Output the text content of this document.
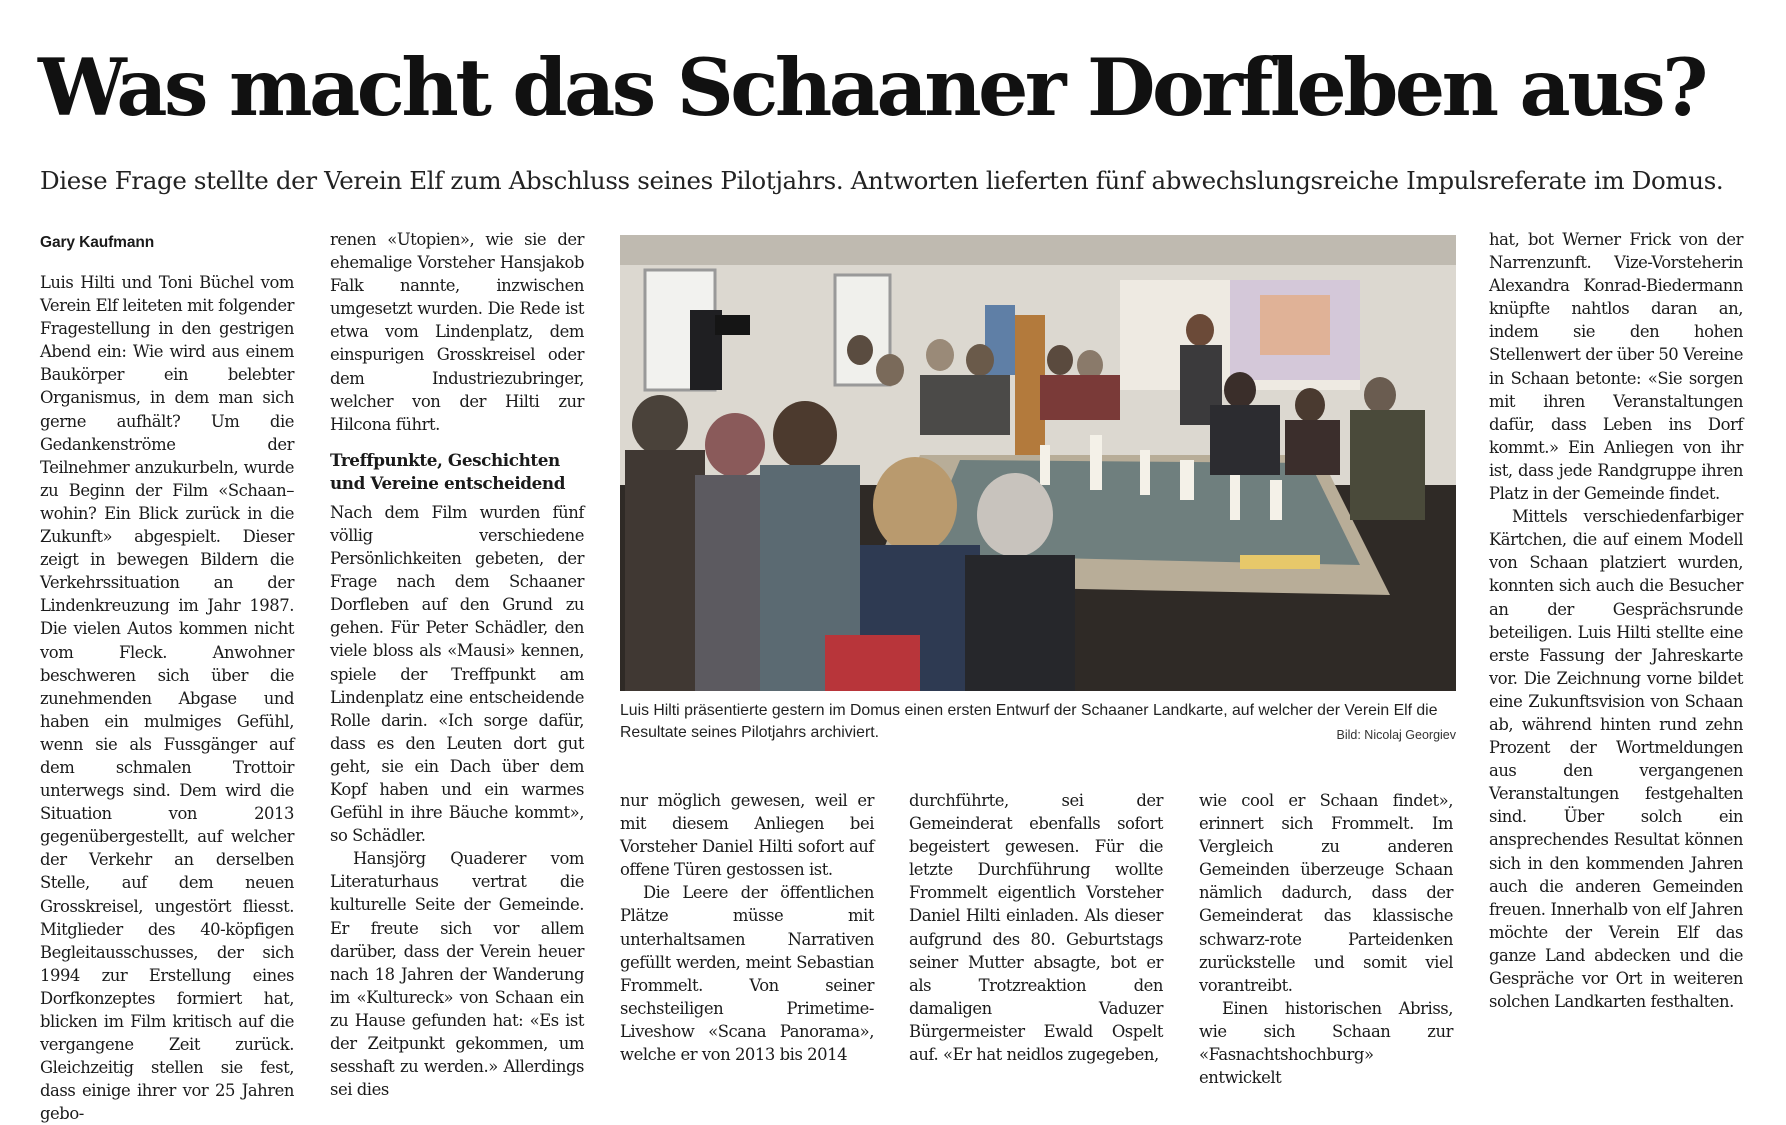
Was macht das Schaaner Dorfleben aus?
Diese Frage stellte der Verein Elf zum Abschluss seines Pilotjahrs. Antworten lieferten fünf abwechslungsreiche Impulsreferate im Domus.

Gary Kaufmann

Luis Hilti und Toni Büchel vom Verein Elf leiteten mit folgender Fragestellung in den gestrigen Abend ein: Wie wird aus einem Baukörper ein belebter Organismus, in dem man sich gerne aufhält? Um die Gedankenströme der Teilnehmer anzukurbeln, wurde zu Beginn der Film «Schaan–wohin? Ein Blick zurück in die Zukunft» abgespielt. Dieser zeigt in bewegen Bildern die Verkehrssituation an der Lindenkreuzung im Jahr 1987. Die vielen Autos kommen nicht vom Fleck. Anwohner beschweren sich über die zunehmenden Abgase und haben ein mulmiges Gefühl, wenn sie als Fussgänger auf dem schmalen Trottoir unterwegs sind. Dem wird die Situation von 2013 gegenübergestellt, auf welcher der Verkehr an derselben Stelle, auf dem neuen Grosskreisel, ungestört fliesst. Mitglieder des 40-köpfigen Begleitausschusses, der sich 1994 zur Erstellung eines Dorfkonzeptes formiert hat, blicken im Film kritisch auf die vergangene Zeit zurück. Gleichzeitig stellen sie fest, dass einige ihrer vor 25 Jahren gebo-

renen «Utopien», wie sie der ehemalige Vorsteher Hansjakob Falk nannte, inzwischen umgesetzt wurden. Die Rede ist etwa vom Lindenplatz, dem einspurigen Grosskreisel oder dem Industriezubringer, welcher von der Hilti zur Hilcona führt.

Treffpunkte, Geschichten und Vereine entscheidend

Nach dem Film wurden fünf völlig verschiedene Persönlichkeiten gebeten, der Frage nach dem Schaaner Dorfleben auf den Grund zu gehen. Für Peter Schädler, den viele bloss als «Mausi» kennen, spiele der Treffpunkt am Lindenplatz eine entscheidende Rolle darin. «Ich sorge dafür, dass es den Leuten dort gut geht, sie ein Dach über dem Kopf haben und ein warmes Gefühl in ihre Bäuche kommt», so Schädler.

Hansjörg Quaderer vom Literaturhaus vertrat die kulturelle Seite der Gemeinde. Er freute sich vor allem darüber, dass der Verein heuer nach 18 Jahren der Wanderung im «Kultureck» von Schaan ein zu Hause gefunden hat: «Es ist der Zeitpunkt gekommen, um sesshaft zu werden.» Allerdings sei dies

Luis Hilti präsentierte gestern im Domus einen ersten Entwurf der Schaaner Landkarte, auf welcher der Verein Elf die Resultate seines Pilotjahrs archiviert.	Bild: Nicolaj Georgiev

nur möglich gewesen, weil er mit diesem Anliegen bei Vorsteher Daniel Hilti sofort auf offene Türen gestossen ist.

Die Leere der öffentlichen Plätze müsse mit unterhaltsamen Narrativen gefüllt werden, meint Sebastian Frommelt. Von seiner sechsteiligen Primetime-Liveshow «Scana Panorama», welche er von 2013 bis 2014

durchführte, sei der Gemeinderat ebenfalls sofort begeistert gewesen. Für die letzte Durchführung wollte Frommelt eigentlich Vorsteher Daniel Hilti einladen. Als dieser aufgrund des 80. Geburtstags seiner Mutter absagte, bot er als Trotzreaktion den damaligen Vaduzer Bürgermeister Ewald Ospelt auf. «Er hat neidlos zugegeben,

wie cool er Schaan findet», erinnert sich Frommelt. Im Vergleich zu anderen Gemeinden überzeuge Schaan nämlich dadurch, dass der Gemeinderat das klassische schwarz-rote Parteidenken zurückstelle und somit viel vorantreibt.

Einen historischen Abriss, wie sich Schaan zur «Fasnachtshochburg» entwickelt

hat, bot Werner Frick von der Narrenzunft. Vize-Vorsteherin Alexandra Konrad-Biedermann knüpfte nahtlos daran an, indem sie den hohen Stellenwert der über 50 Vereine in Schaan betonte: «Sie sorgen mit ihren Veranstaltungen dafür, dass Leben ins Dorf kommt.» Ein Anliegen von ihr ist, dass jede Randgruppe ihren Platz in der Gemeinde findet.

Mittels verschiedenfarbiger Kärtchen, die auf einem Modell von Schaan platziert wurden, konnten sich auch die Besucher an der Gesprächsrunde beteiligen. Luis Hilti stellte eine erste Fassung der Jahreskarte vor. Die Zeichnung vorne bildet eine Zukunftsvision von Schaan ab, während hinten rund zehn Prozent der Wortmeldungen aus den vergangenen Veranstaltungen festgehalten sind. Über solch ein ansprechendes Resultat können sich in den kommenden Jahren auch die anderen Gemeinden freuen. Innerhalb von elf Jahren möchte der Verein Elf das ganze Land abdecken und die Gespräche vor Ort in weiteren solchen Landkarten festhalten.
